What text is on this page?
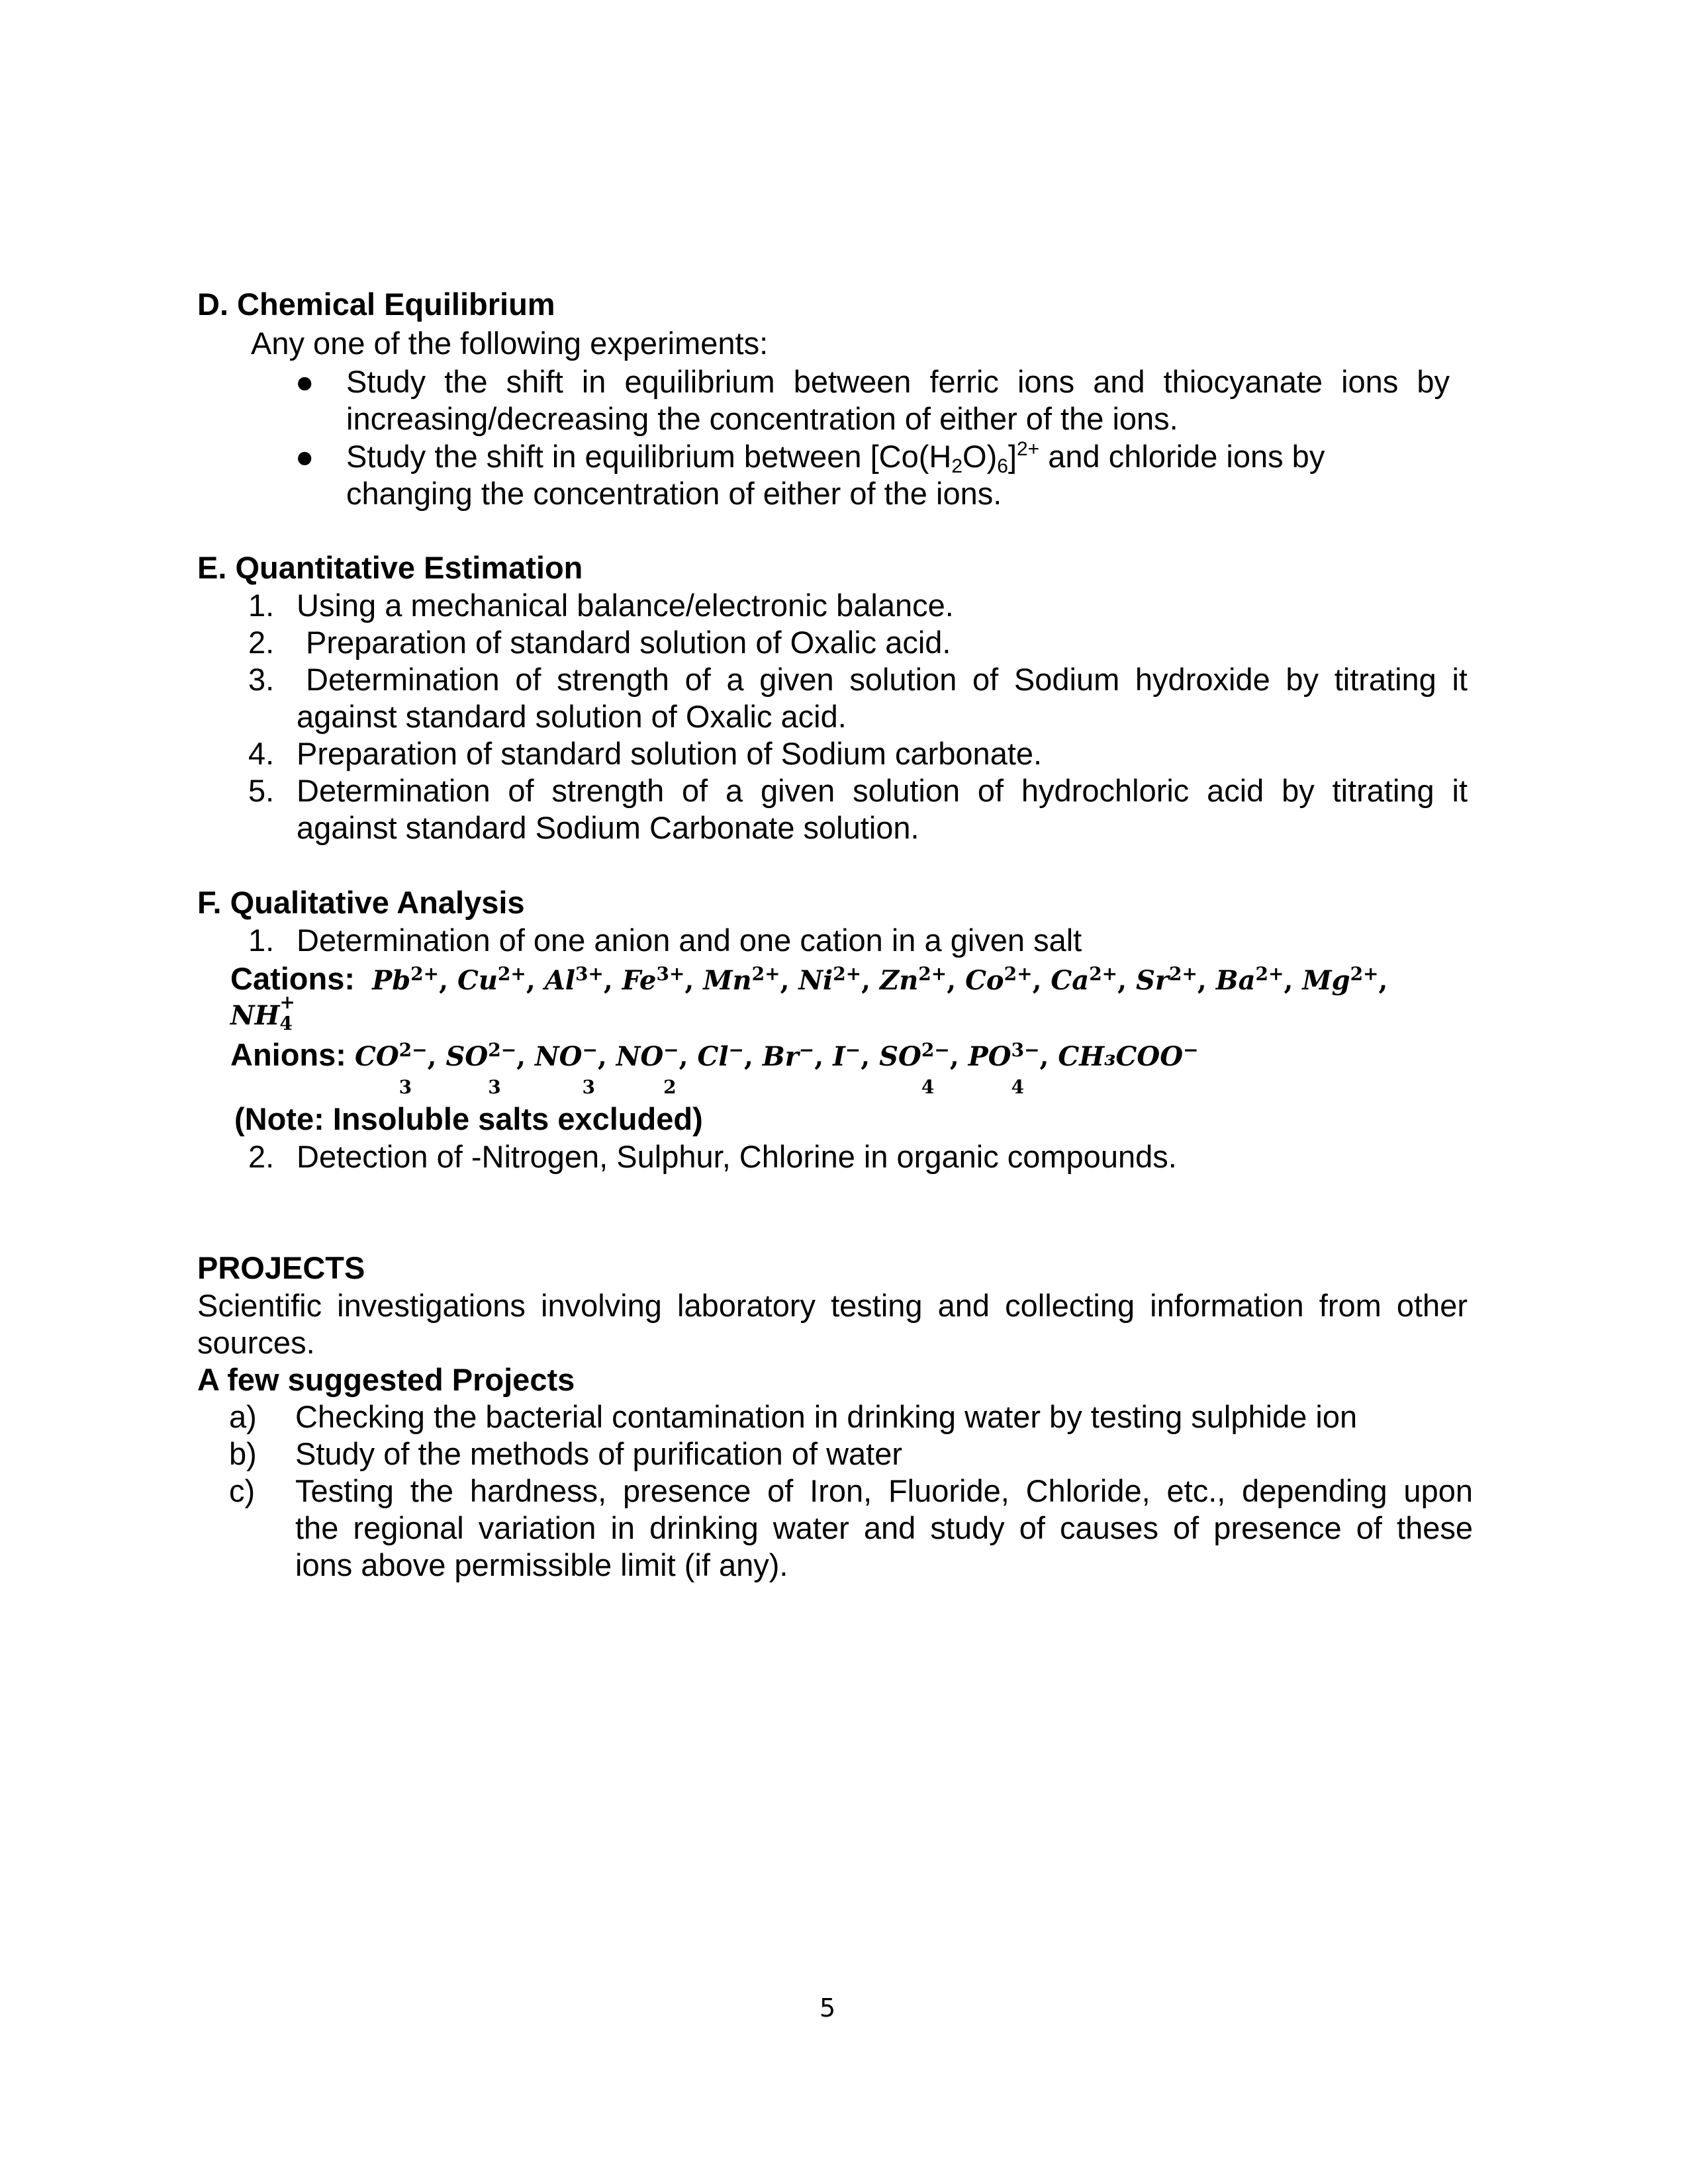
D. Chemical Equilibrium
Any one of the following experiments:
● Study the shift in equilibrium between ferric ions and thiocyanate ions by
increasing/decreasing the concentration of either of the ions.
● Study the shift in equilibrium between $[Co(H_2O)_6]^{2+}$ and chloride ions by
changing the concentration of either of the ions.
E. Quantitative Estimation
1. Using a mechanical balance/electronic balance.
2. Preparation of standard solution of Oxalic acid.
3. Determination of strength of a given solution of Sodium hydroxide by titrating it
against standard solution of Oxalic acid.
4. Preparation of standard solution of Sodium carbonate.
5. Determination of strength of a given solution of hydrochloric acid by titrating it
against standard Sodium Carbonate solution.
F. Qualitative Analysis
1. Determination of one anion and one cation in a given salt
Cations: $Pb^{2+}$, $Cu^{2+}$, $Al^{3+}$, $Fe^{3+}$, $Mn^{2+}$, $Ni^{2+}$, $Zn^{2+}$, $Co^{2+}$, $Ca^{2+}$, $Sr^{2+}$, $Ba^{2+}$, $Mg^{2+}$,
NH +
4
Anions: $CO3^{2-}$, $SO3^{2-}$, NO3−, NO2−, Cl−, Br−, I−, $SO4^{2-}$, $PO4^{3-}$, CH₃COO−
(Note: Insoluble salts excluded)
2. Detection of -Nitrogen, Sulphur, Chlorine in organic compounds.
PROJECTS
Scientific investigations involving laboratory testing and collecting information from other
sources.
A few suggested Projects
a) Checking the bacterial contamination in drinking water by testing sulphide ion
b) Study of the methods of purification of water
c) Testing the hardness, presence of Iron, Fluoride, Chloride, etc., depending upon
the regional variation in drinking water and study of causes of presence of these
ions above permissible limit (if any).
5
